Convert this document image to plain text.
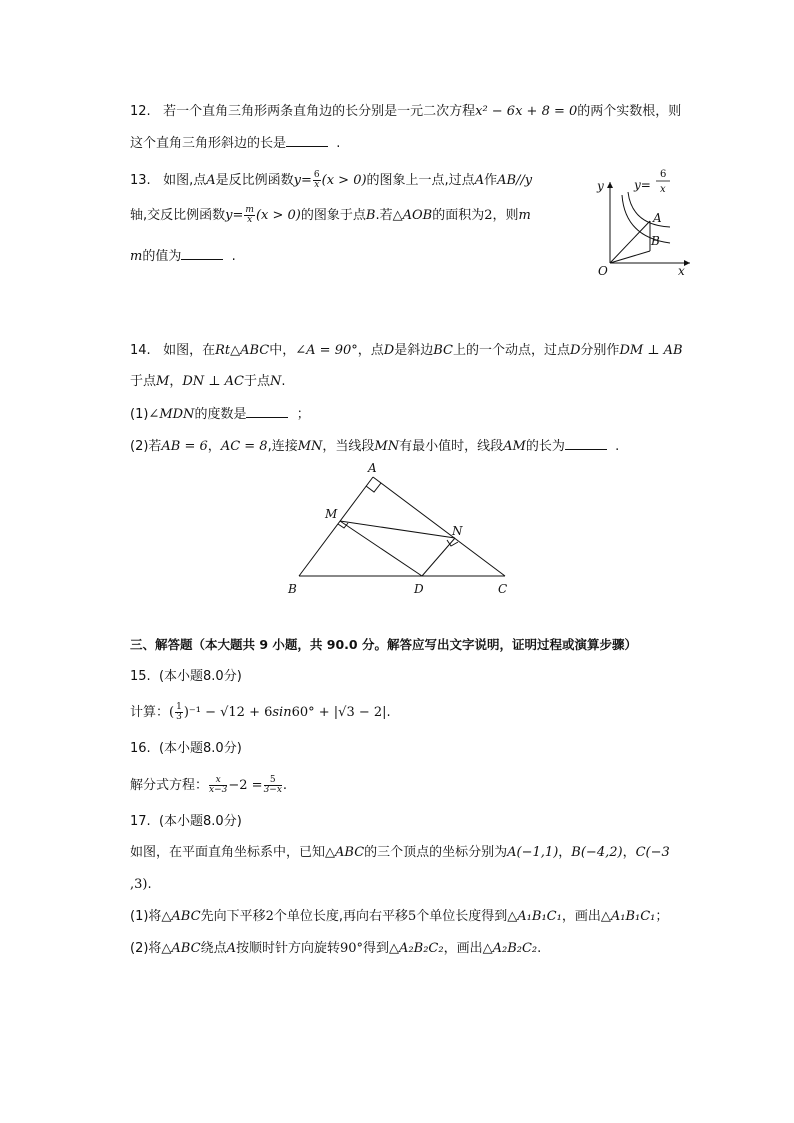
12. 若一个直角三角形两条直角边的长分别是一元二次方程x² − 6x + 8 = 0的两个实数根，则
这个直角三角形斜边的长是	.
13. 如图,点A是反比例函数$y= \frac{6}{x} (x > 0)$的图象上一点,过点A作AB//y
轴,交反比例函数$y= \frac{m}{x} (x > 0)$的图象于点B.若△AOB的面积为2，则m
m的值为	.
y
x
O
A
B
y=
6
x
14. 如图，在Rt△ABC中，∠A = 90°，点D是斜边BC上的一个动点，过点D分别作DM ⊥ AB
于点M，DN ⊥ AC于点N.
(1)∠MDN的度数是	；
(2)若AB = 6，AC = 8,连接MN，当线段MN有最小值时，线段AM的长为	.
A
B	C
D
M
N
三、解答题（本大题共 9 小题，共 90.0 分。解答应写出文字说明，证明过程或演算步骤）
15. (本小题8.0分)
计算：( $\frac{1}{3} )^{-1} - √12 + 6\sin 60^\circ + |√3 - 2|$.
16. (本小题8.0分)
解分式方程： $\frac{x}{x-3} -2 = \frac{5}{3-x}$ .
17. (本小题8.0分)
如图，在平面直角坐标系中，已知△ABC的三个顶点的坐标分别为A(−1,1)，B(−4,2)，C(−3
,3).
(1)将△ABC先向下平移2个单位长度,再向右平移5个单位长度得到△A₁B₁C₁，画出△A₁B₁C₁；
(2)将△ABC绕点A按顺时针方向旋转90°得到△A₂B₂C₂，画出△A₂B₂C₂.
